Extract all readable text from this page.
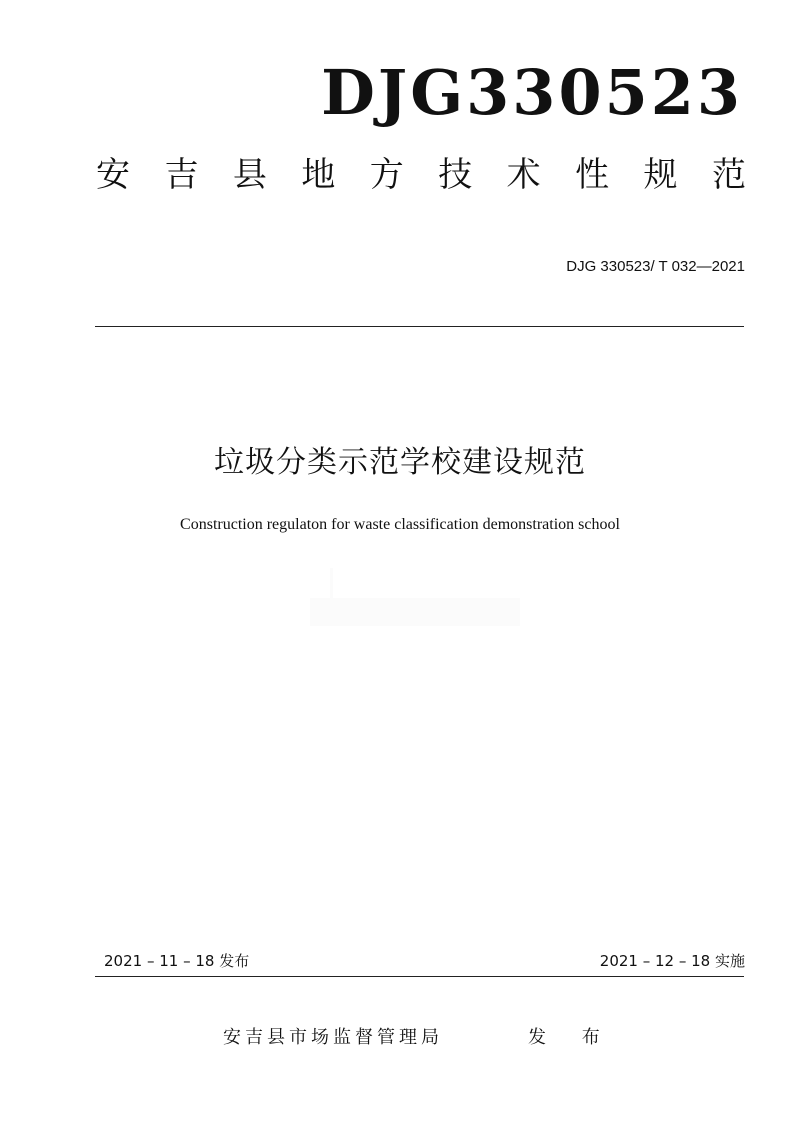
DJG330523
安 吉 县 地 方 技 术 性 规 范
DJG 330523/ T 032—2021
垃圾分类示范学校建设规范
Construction regulaton for waste classification demonstration school
2021 – 11 – 18 发布	2021 – 12 – 18 实施
安吉县市场监督管理局	发 布
